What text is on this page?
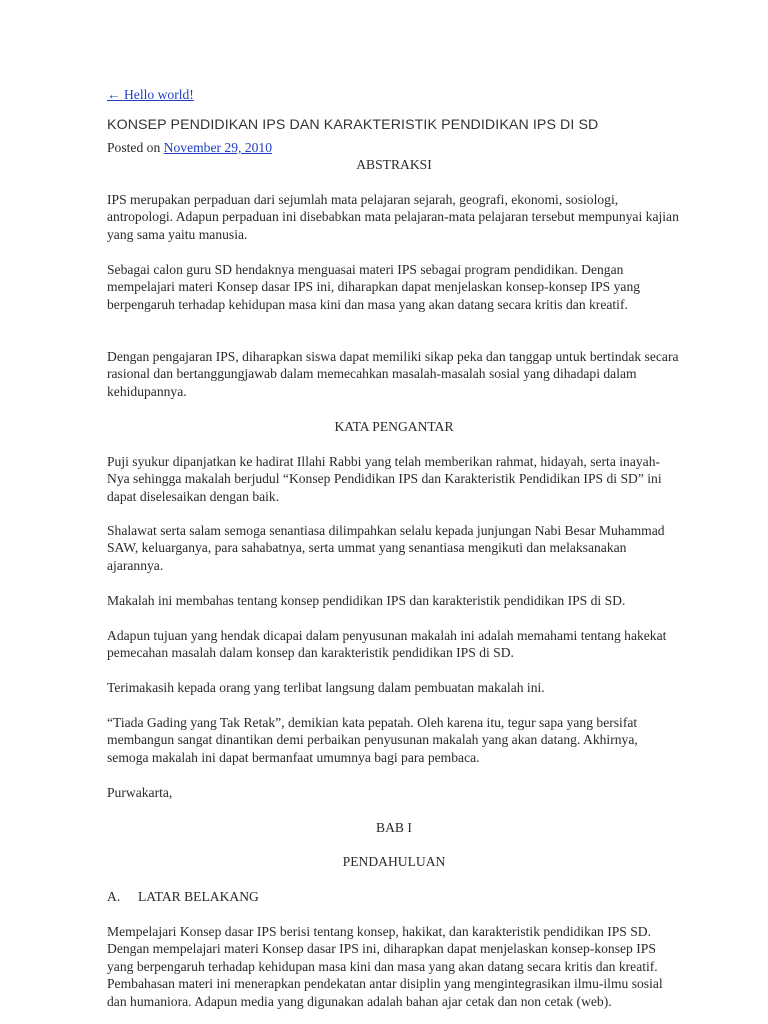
← Hello world!
KONSEP PENDIDIKAN IPS DAN KARAKTERISTIK PENDIDIKAN IPS DI SD
Posted on November 29, 2010
ABSTRAKSI

IPS merupakan perpaduan dari sejumlah mata pelajaran sejarah, geografi, ekonomi, sosiologi, antropologi. Adapun perpaduan ini disebabkan mata pelajaran-mata pelajaran tersebut mempunyai kajian yang sama yaitu manusia.

Sebagai calon guru SD hendaknya menguasai materi IPS sebagai program pendidikan. Dengan mempelajari materi Konsep dasar IPS ini, diharapkan dapat menjelaskan konsep-konsep IPS yang berpengaruh terhadap kehidupan masa kini dan masa yang akan datang secara kritis dan kreatif.

Dengan pengajaran IPS, diharapkan siswa dapat memiliki sikap peka dan tanggap untuk bertindak secara rasional dan bertanggungjawab dalam memecahkan masalah-masalah sosial yang dihadapi dalam kehidupannya.

KATA PENGANTAR

Puji syukur dipanjatkan ke hadirat Illahi Rabbi yang telah memberikan rahmat, hidayah, serta inayah-Nya sehingga makalah berjudul “Konsep Pendidikan IPS dan Karakteristik Pendidikan IPS di SD” ini dapat diselesaikan dengan baik.

Shalawat serta salam semoga senantiasa dilimpahkan selalu kepada junjungan Nabi Besar Muhammad SAW, keluarganya, para sahabatnya, serta ummat yang senantiasa mengikuti dan melaksanakan ajarannya.

Makalah ini membahas tentang konsep pendidikan IPS dan karakteristik pendidikan IPS di SD.

Adapun tujuan yang hendak dicapai dalam penyusunan makalah ini adalah memahami tentang hakekat pemecahan masalah dalam konsep dan karakteristik pendidikan IPS di SD.

Terimakasih kepada orang yang terlibat langsung dalam pembuatan makalah ini.

“Tiada Gading yang Tak Retak”, demikian kata pepatah. Oleh karena itu, tegur sapa yang bersifat membangun sangat dinantikan demi perbaikan penyusunan makalah yang akan datang. Akhirnya, semoga makalah ini dapat bermanfaat umumnya bagi para pembaca.

Purwakarta,

BAB I
PENDAHULUAN
A.	LATAR BELAKANG

Mempelajari Konsep dasar IPS berisi tentang konsep, hakikat, dan karakteristik pendidikan IPS SD. Dengan mempelajari materi Konsep dasar IPS ini, diharapkan dapat menjelaskan konsep-konsep IPS yang berpengaruh terhadap kehidupan masa kini dan masa yang akan datang secara kritis dan kreatif. Pembahasan materi ini menerapkan pendekatan antar disiplin yang mengintegrasikan ilmu-ilmu sosial dan humaniora. Adapun media yang digunakan adalah bahan ajar cetak dan non cetak (web).
